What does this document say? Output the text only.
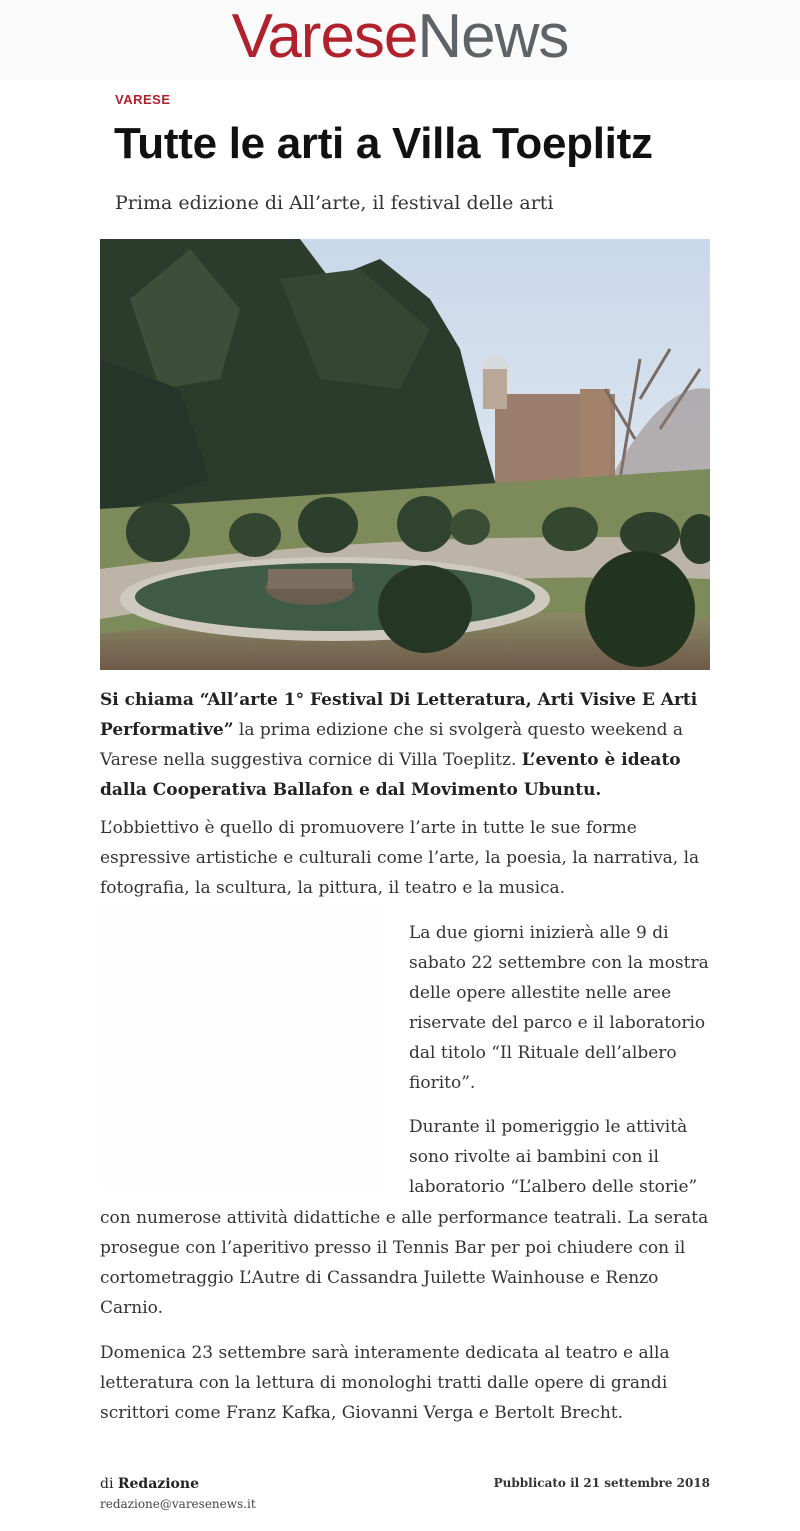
VareseNews
VARESE
Tutte le arti a Villa Toeplitz
Prima edizione di All’arte, il festival delle arti

Si chiama “All’arte 1° Festival Di Letteratura, Arti Visive E Arti Performative” la prima edizione che si svolgerà questo weekend a Varese nella suggestiva cornice di Villa Toeplitz. L’evento è ideato dalla Cooperativa Ballafon e dal Movimento Ubuntu.

L’obbiettivo è quello di promuovere l’arte in tutte le sue forme espressive artistiche e culturali come l’arte, la poesia, la narrativa, la fotografia, la scultura, la pittura, il teatro e la musica.

La due giorni inizierà alle 9 di sabato 22 settembre con la mostra delle opere allestite nelle aree riservate del parco e il laboratorio dal titolo “Il Rituale dell’albero fiorito”.

Durante il pomeriggio le attività sono rivolte ai bambini con il laboratorio “L’albero delle storie”

con numerose attività didattiche e alle performance teatrali. La serata prosegue con l’aperitivo presso il Tennis Bar per poi chiudere con il cortometraggio L’Autre di Cassandra Juilette Wainhouse e Renzo Carnio.

Domenica 23 settembre sarà interamente dedicata al teatro e alla letteratura con la lettura di monologhi tratti dalle opere di grandi scrittori come Franz Kafka, Giovanni Verga e Bertolt Brecht.

di Redazione
redazione@varesenews.it
Pubblicato il 21 settembre 2018
